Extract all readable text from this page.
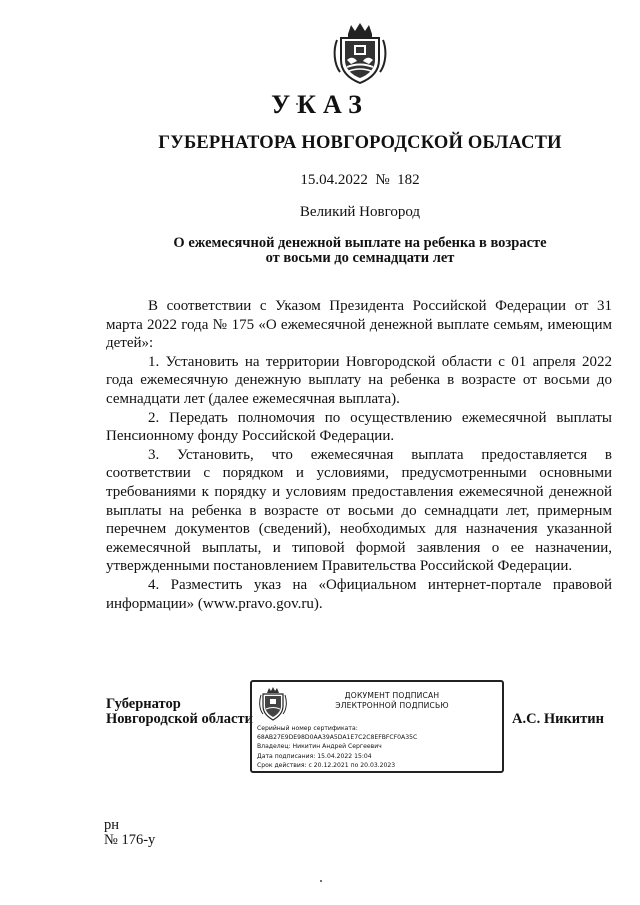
УКАЗ
ГУБЕРНАТОРА НОВГОРОДСКОЙ ОБЛАСТИ

15.04.2022 № 182

Великий Новгород

О ежемесячной денежной выплате на ребенка в возрасте
от восьми до семнадцати лет

В соответствии с Указом Президента Российской Федерации от 31 марта 2022 года № 175 «О ежемесячной денежной выплате семьям, имеющим детей»:

1. Установить на территории Новгородской области с 01 апреля 2022 года ежемесячную денежную выплату на ребенка в возрасте от восьми до семнадцати лет (далее ежемесячная выплата).

2. Передать полномочия по осуществлению ежемесячной выплаты Пенсионному фонду Российской Федерации.

3. Установить, что ежемесячная выплата предоставляется в соответствии с порядком и условиями, предусмотренными основными требованиями к порядку и условиям предоставления ежемесячной денежной выплаты на ребенка в возрасте от восьми до семнадцати лет, примерным перечнем документов (сведений), необходимых для назначения указанной ежемесячной выплаты, и типовой формой заявления о ее назначении, утвержденными постановлением Правительства Российской Федерации.

4. Разместить указ на «Официальном интернет-портале правовой информации» (www.pravo.gov.ru).

Губернатор
Новгородской области

ДОКУМЕНТ ПОДПИСАН
ЭЛЕКТРОННОЙ ПОДПИСЬЮ
Серийный номер сертификата:
68AB27E9DE98D0AA39A5DA1E7C2C8EFBFCF0A35C
Владелец: Никитин Андрей Сергеевич
Дата подписания: 15.04.2022 15:04
Срок действия: с 20.12.2021 по 20.03.2023

А.С. Никитин

рн
№ 176-у
